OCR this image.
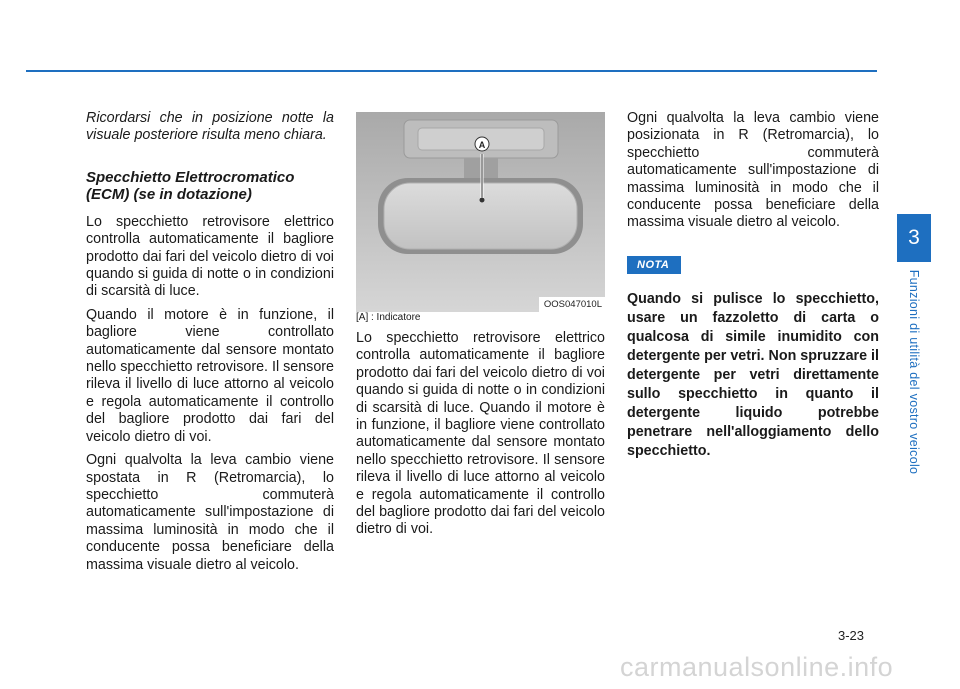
Ricordarsi che in posizione notte la visuale posteriore risulta meno chiara.

Specchietto Elettrocromatico (ECM) (se in dotazione)

Lo specchietto retrovisore elettrico controlla automaticamente il bagliore prodotto dai fari del veicolo dietro di voi quando si guida di notte o in condizioni di scarsità di luce.

Quando il motore è in funzione, il bagliore viene controllato automaticamente dal sensore montato nello specchietto retrovisore. Il sensore rileva il livello di luce attorno al veicolo e regola automaticamente il controllo del bagliore prodotto dai fari del veicolo dietro di voi.

Ogni qualvolta la leva cambio viene spostata in R (Retromarcia), lo specchietto commuterà automaticamente sull'impostazione di massima luminosità in modo che il conducente possa beneficiare della massima visuale dietro al veicolo.

A
OOS047010L

[A] : Indicatore

Lo specchietto retrovisore elettrico controlla automaticamente il bagliore prodotto dai fari del veicolo dietro di voi quando si guida di notte o in condizioni di scarsità di luce. Quando il motore è in funzione, il bagliore viene controllato automaticamente dal sensore montato nello specchietto retrovisore. Il sensore rileva il livello di luce attorno al veicolo e regola automaticamente il controllo del bagliore prodotto dai fari del veicolo dietro di voi.

Ogni qualvolta la leva cambio viene posizionata in R (Retromarcia), lo specchietto commuterà automaticamente sull'impostazione di massima luminosità in modo che il conducente possa beneficiare della massima visuale dietro al veicolo.

NOTA

Quando si pulisce lo specchietto, usare un fazzoletto di carta o qualcosa di simile inumidito con detergente per vetri. Non spruzzare il detergente per vetri direttamente sullo specchietto in quanto il detergente liquido potrebbe penetrare nell'alloggiamento dello specchietto.

3
Funzioni di utilità del vostro veicolo
3-23
carmanualsonline.info
